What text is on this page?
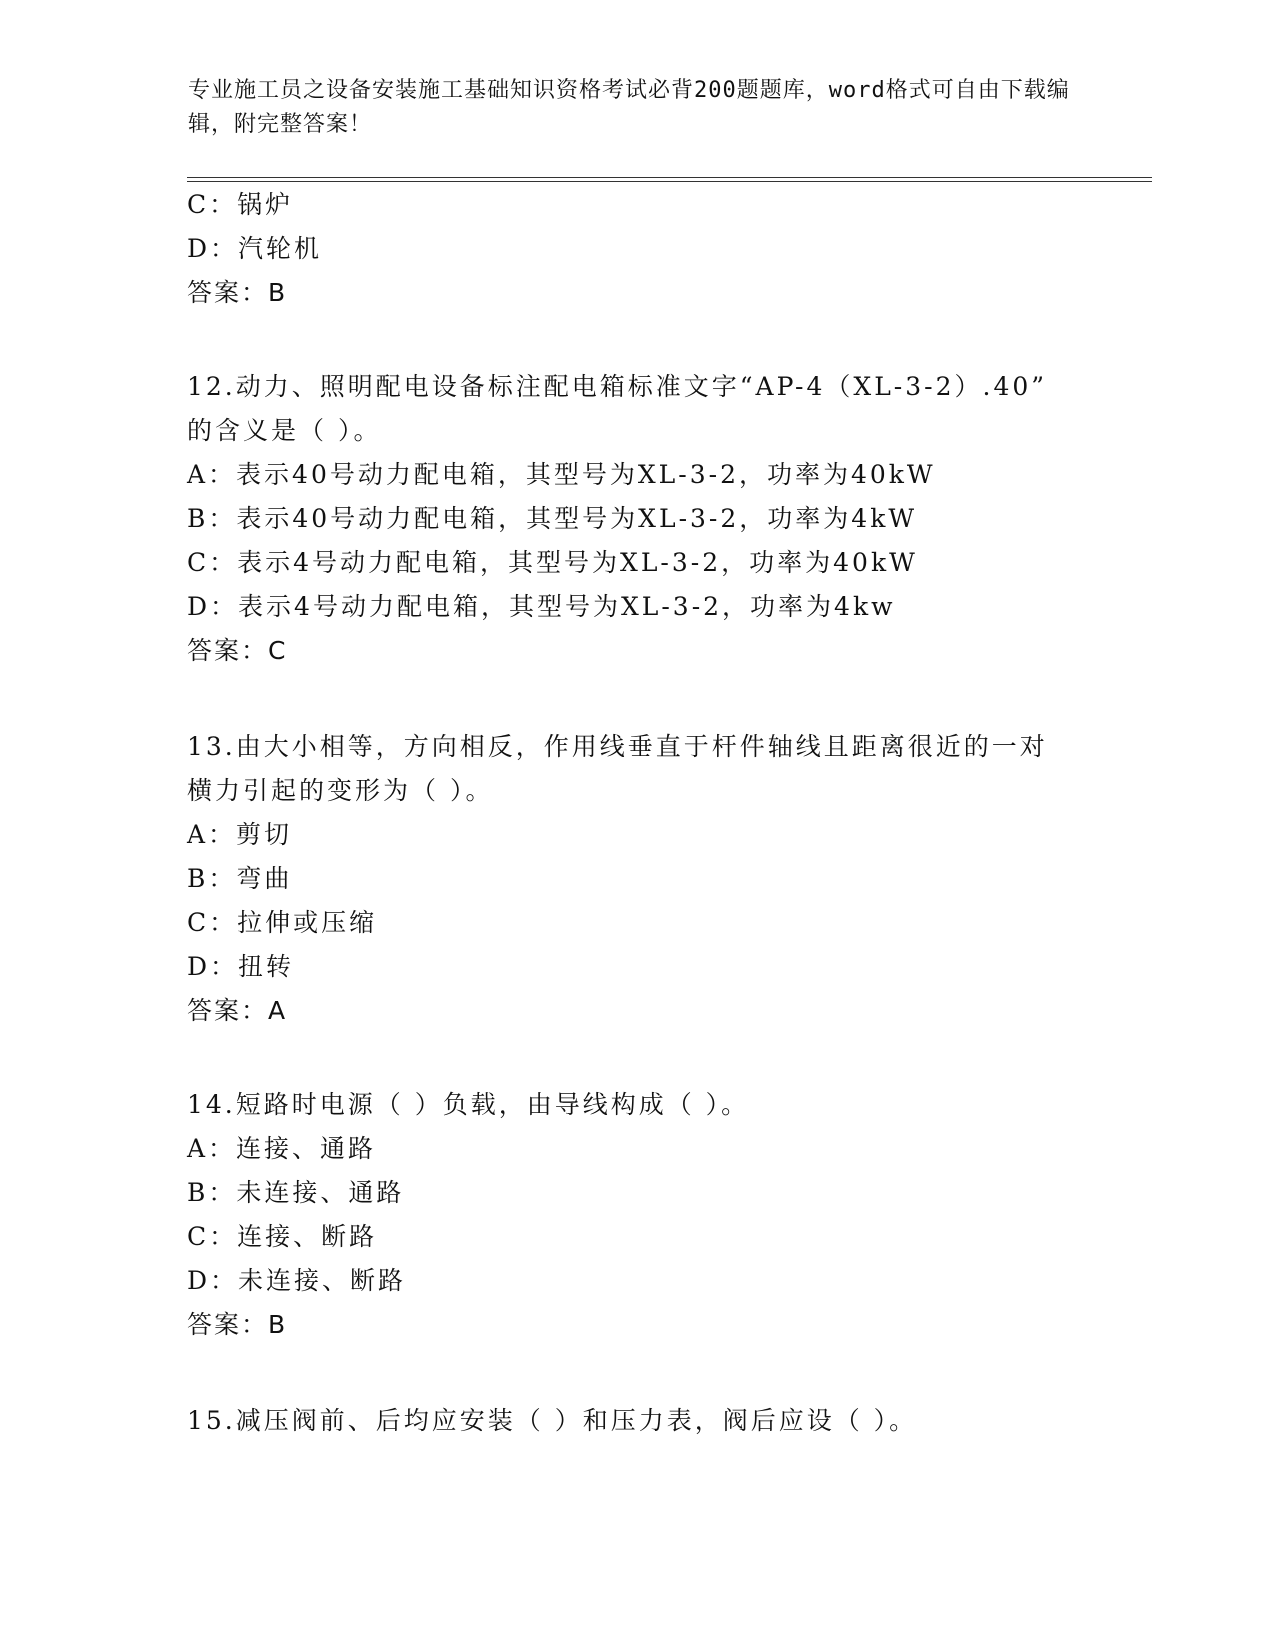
专业施工员之设备安装施工基础知识资格考试必背200题题库，word格式可自由下载编辑，附完整答案！
C：锅炉
D：汽轮机
答案：B
12.动力、照明配电设备标注配电箱标准文字“AP-4（XL-3-2）.40”
的含义是（ ）。
A：表示40号动力配电箱，其型号为XL-3-2，功率为40kW
B：表示40号动力配电箱，其型号为XL-3-2，功率为4kW
C：表示4号动力配电箱，其型号为XL-3-2，功率为40kW
D：表示4号动力配电箱，其型号为XL-3-2，功率为4kw
答案：C
13.由大小相等，方向相反，作用线垂直于杆件轴线且距离很近的一对
横力引起的变形为（ ）。
A：剪切
B：弯曲
C：拉伸或压缩
D：扭转
答案：A
14.短路时电源（ ）负载，由导线构成（ ）。
A：连接、通路
B：未连接、通路
C：连接、断路
D：未连接、断路
答案：B
15.减压阀前、后均应安装（ ）和压力表，阀后应设（ ）。
